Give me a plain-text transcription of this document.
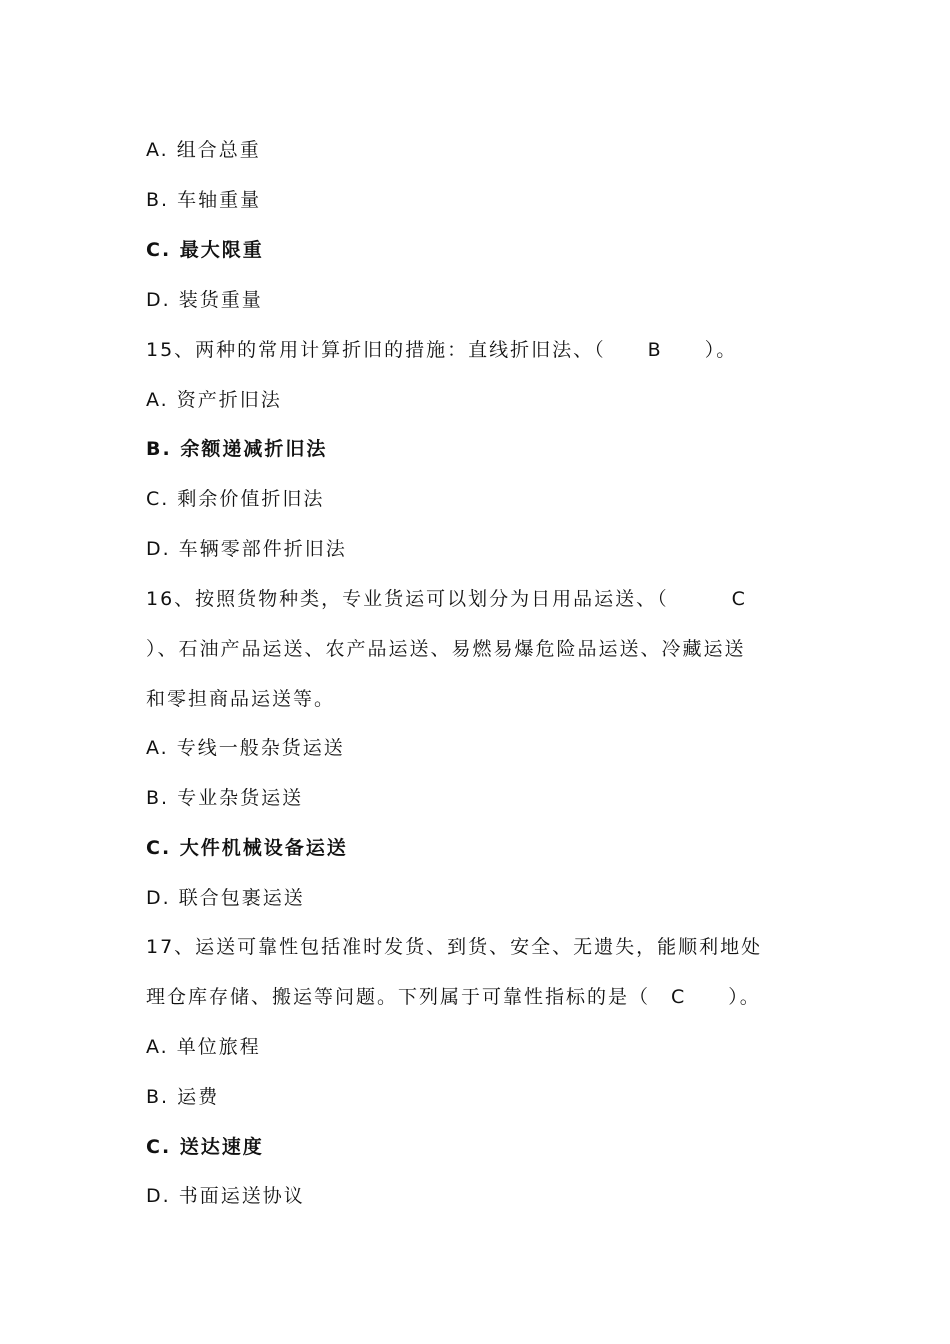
A. 组合总重
B. 车轴重量
C. 最大限重
D. 装货重量
15、两种的常用计算折旧的措施：直线折旧法、（　　B　　）。
A. 资产折旧法
B. 余额递减折旧法
C. 剩余价值折旧法
D. 车辆零部件折旧法
16、按照货物种类，专业货运可以划分为日用品运送、（　　　C
）、石油产品运送、农产品运送、易燃易爆危险品运送、冷藏运送
和零担商品运送等。
A. 专线一般杂货运送
B. 专业杂货运送
C. 大件机械设备运送
D. 联合包裹运送
17、运送可靠性包括准时发货、到货、安全、无遗失，能顺利地处
理仓库存储、搬运等问题。下列属于可靠性指标的是（　C　　）。
A. 单位旅程
B. 运费
C. 送达速度
D. 书面运送协议
